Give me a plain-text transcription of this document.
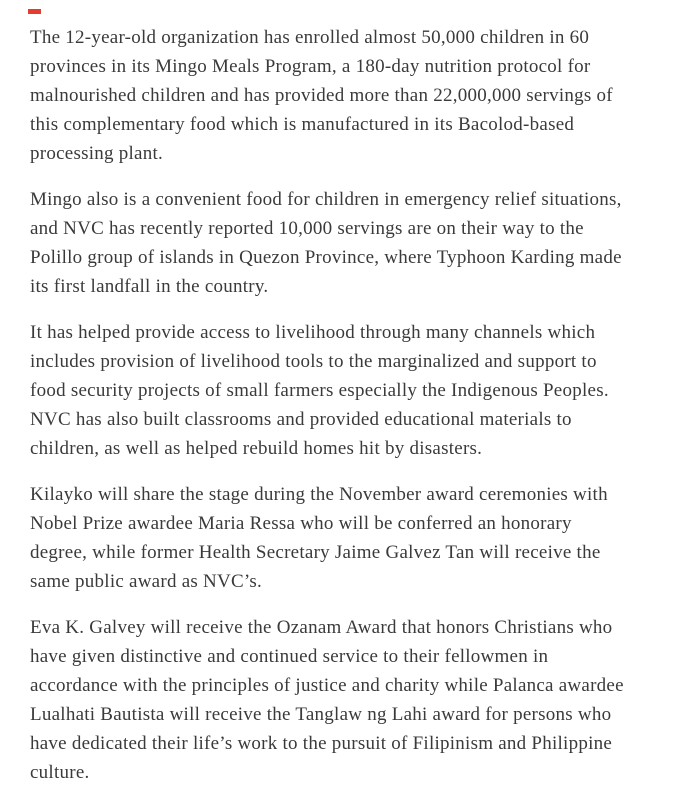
The 12-year-old organization has enrolled almost 50,000 children in 60
provinces in its Mingo Meals Program, a 180-day nutrition protocol for
malnourished children and has provided more than 22,000,000 servings of
this complementary food which is manufactured in its Bacolod-based
processing plant.

Mingo also is a convenient food for children in emergency relief situations,
and NVC has recently reported 10,000 servings are on their way to the
Polillo group of islands in Quezon Province, where Typhoon Karding made
its first landfall in the country.

It has helped provide access to livelihood through many channels which
includes provision of livelihood tools to the marginalized and support to
food security projects of small farmers especially the Indigenous Peoples.
NVC has also built classrooms and provided educational materials to
children, as well as helped rebuild homes hit by disasters.

Kilayko will share the stage during the November award ceremonies with
Nobel Prize awardee Maria Ressa who will be conferred an honorary
degree, while former Health Secretary Jaime Galvez Tan will receive the
same public award as NVC’s.

Eva K. Galvey will receive the Ozanam Award that honors Christians who
have given distinctive and continued service to their fellowmen in
accordance with the principles of justice and charity while Palanca awardee
Lualhati Bautista will receive the Tanglaw ng Lahi award for persons who
have dedicated their life’s work to the pursuit of Filipinism and Philippine
culture.
